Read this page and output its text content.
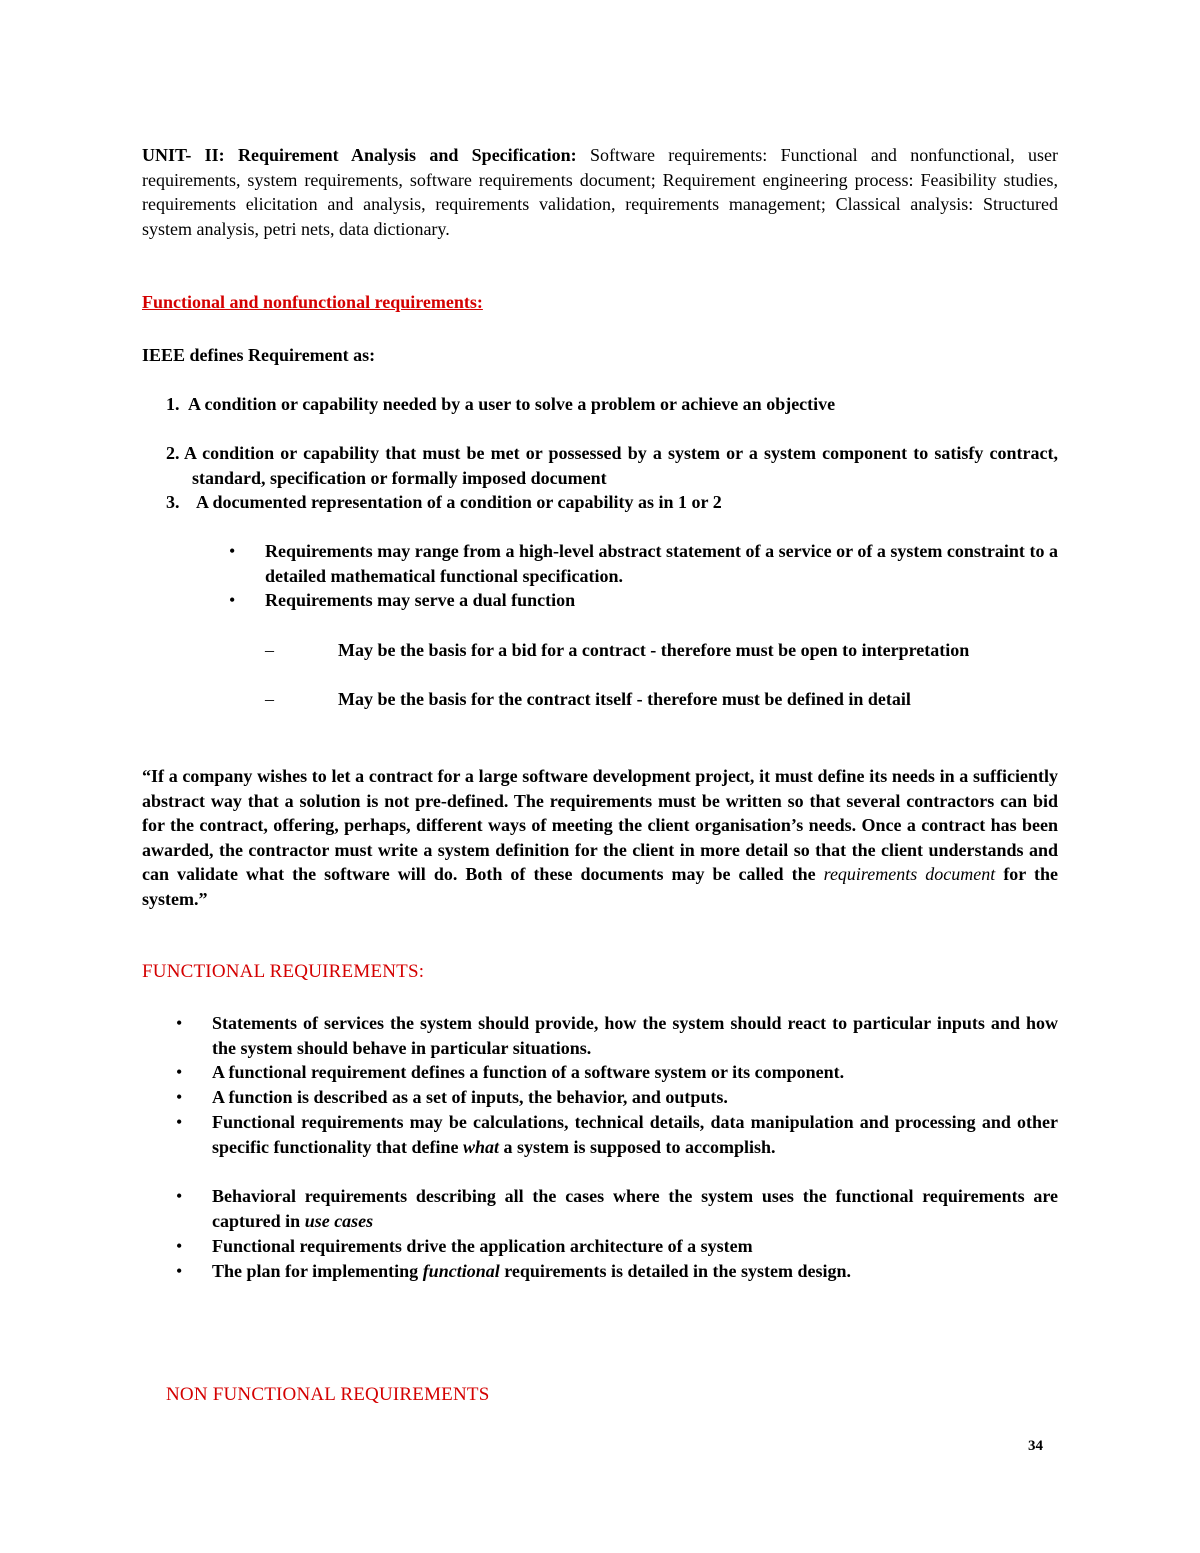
UNIT- II: Requirement Analysis and Specification: Software requirements: Functional and nonfunctional, user requirements, system requirements, software requirements document; Requirement engineering process: Feasibility studies, requirements elicitation and analysis, requirements validation, requirements management; Classical analysis: Structured system analysis, petri nets, data dictionary.
Functional and nonfunctional requirements:
IEEE defines Requirement as:
1. A condition or capability needed by a user to solve a problem or achieve an objective
2. A condition or capability that must be met or possessed by a system or a system component to satisfy contract, standard, specification or formally imposed document
3. A documented representation of a condition or capability as in 1 or 2
•	Requirements may range from a high-level abstract statement of a service or of a system constraint to a detailed mathematical functional specification.
•	Requirements may serve a dual function
–	May be the basis for a bid for a contract - therefore must be open to interpretation
–	May be the basis for the contract itself - therefore must be defined in detail
“If a company wishes to let a contract for a large software development project, it must define its needs in a sufficiently abstract way that a solution is not pre-defined. The requirements must be written so that several contractors can bid for the contract, offering, perhaps, different ways of meeting the client organisation’s needs. Once a contract has been awarded, the contractor must write a system definition for the client in more detail so that the client understands and can validate what the software will do. Both of these documents may be called the requirements document for the system.”
FUNCTIONAL REQUIREMENTS:
•	Statements of services the system should provide, how the system should react to particular inputs and how the system should behave in particular situations.
•	A functional requirement defines a function of a software system or its component.
•	A function is described as a set of inputs, the behavior, and outputs.
•	Functional requirements may be calculations, technical details, data manipulation and processing and other specific functionality that define what a system is supposed to accomplish.
•	Behavioral requirements describing all the cases where the system uses the functional requirements are captured in use cases
•	Functional requirements drive the application architecture of a system
•	The plan for implementing functional requirements is detailed in the system design.
NON FUNCTIONAL REQUIREMENTS
34
